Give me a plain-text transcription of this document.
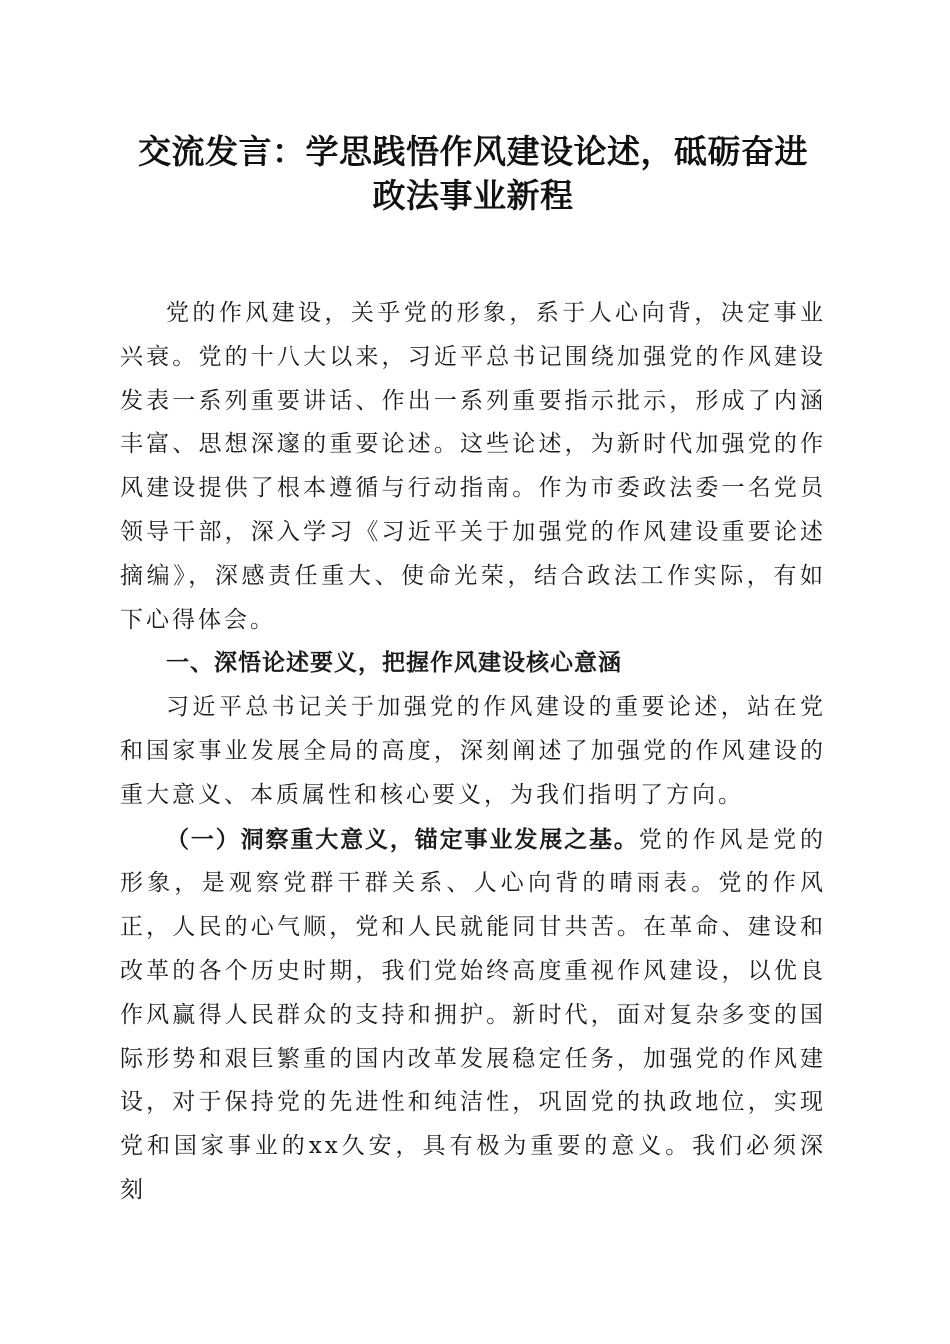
交流发言：学思践悟作风建设论述，砥砺奋进
政法事业新程

党的作风建设，关乎党的形象，系于人心向背，决定事业兴衰。党的十八大以来，习近平总书记围绕加强党的作风建设发表一系列重要讲话、作出一系列重要指示批示，形成了内涵丰富、思想深邃的重要论述。这些论述，为新时代加强党的作风建设提供了根本遵循与行动指南。作为市委政法委一名党员领导干部，深入学习《习近平关于加强党的作风建设重要论述摘编》，深感责任重大、使命光荣，结合政法工作实际，有如下心得体会。

一、深悟论述要义，把握作风建设核心意涵

习近平总书记关于加强党的作风建设的重要论述，站在党和国家事业发展全局的高度，深刻阐述了加强党的作风建设的重大意义、本质属性和核心要义，为我们指明了方向。

（一）洞察重大意义，锚定事业发展之基。党的作风是党的形象，是观察党群干群关系、人心向背的晴雨表。党的作风正，人民的心气顺，党和人民就能同甘共苦。在革命、建设和改革的各个历史时期，我们党始终高度重视作风建设，以优良作风赢得人民群众的支持和拥护。新时代，面对复杂多变的国际形势和艰巨繁重的国内改革发展稳定任务，加强党的作风建设，对于保持党的先进性和纯洁性，巩固党的执政地位，实现党和国家事业的xx久安，具有极为重要的意义。我们必须深刻
